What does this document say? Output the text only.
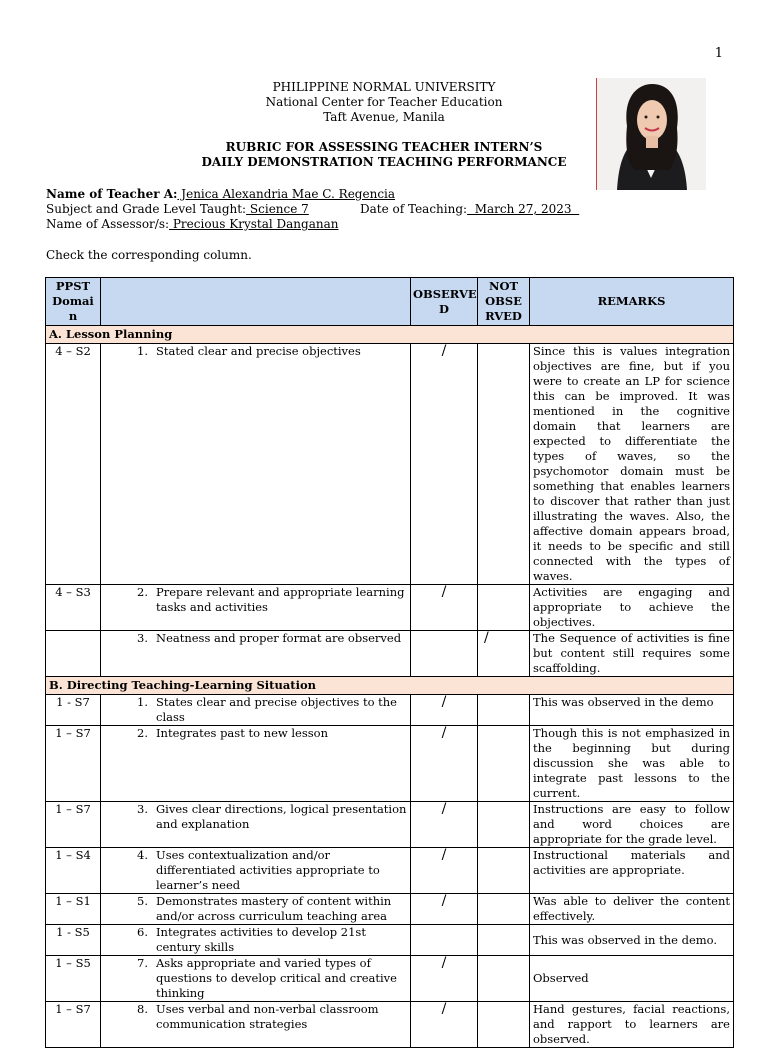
1
PHILIPPINE NORMAL UNIVERSITY
National Center for Teacher Education
Taft Avenue, Manila
RUBRIC FOR ASSESSING TEACHER INTERN’S
DAILY DEMONSTRATION TEACHING PERFORMANCE
Name of Teacher A: Jenica Alexandria Mae C. Regencia
Subject and Grade Level Taught: Science 7	Date of Teaching:  March 27, 2023
Name of Assessor/s: Precious Krystal Danganan
Check the corresponding column.
PPST Domai n		OBSERVE D	NOT OBSE RVED	REMARKS
A. Lesson Planning				
4 – S2	1. Stated clear and precise objectives	/		Since this is values integration objectives are fine, but if you were to create an LP for science this can be improved. It was mentioned in the cognitive domain that learners are expected to differentiate the types of waves, so the psychomotor domain must be something that enables learners to discover that rather than just illustrating the waves. Also, the affective domain appears broad, it needs to be specific and still connected with the types of waves.
4 – S3	2. Prepare relevant and appropriate learning tasks and activities	/		Activities are engaging and appropriate to achieve the objectives.

	3. Neatness and proper format are observed		/	The Sequence of activities is fine but content still requires some scaffolding.
B. Directing Teaching-Learning Situation				
1 - S7	1. States clear and precise objectives to the class	/		This was observed in the demo
1 – S7	2. Integrates past to new lesson	/		Though this is not emphasized in the beginning but during discussion she was able to integrate past lessons to the current.
1 – S7	3. Gives clear directions, logical presentation and explanation	/		Instructions are easy to follow and word choices are appropriate for the grade level.
1 – S4	4. Uses contextualization and/or differentiated activities appropriate to learner’s need	/		Instructional materials and activities are appropriate.
1 – S1	5. Demonstrates mastery of content within and/or across curriculum teaching area	/		Was able to deliver the content effectively.
1 - S5	6. Integrates activities to develop 21st century skills			This was observed in the demo.
1 – S5	7. Asks appropriate and varied types of questions to develop critical and creative thinking	/		Observed
1 – S7	8. Uses verbal and non-verbal classroom communication strategies	/		Hand gestures, facial reactions, and rapport to learners are observed.
